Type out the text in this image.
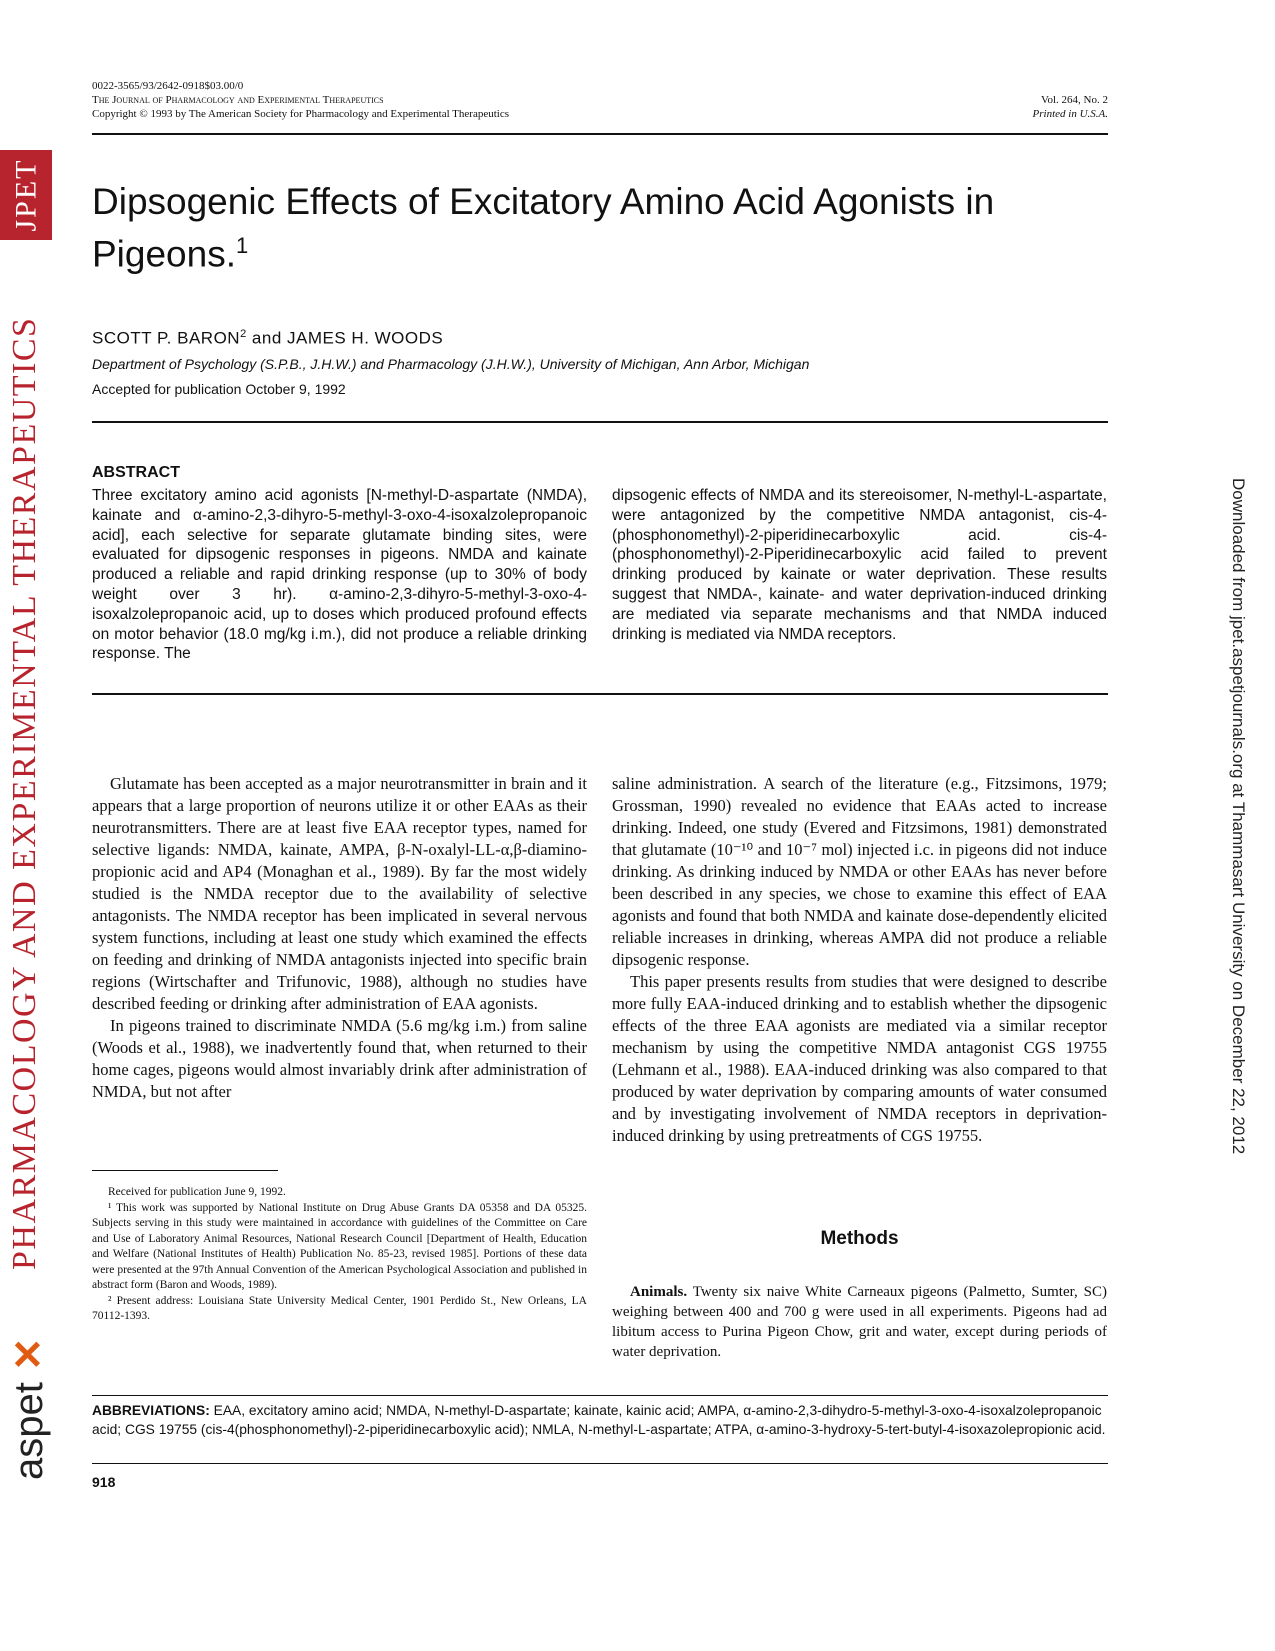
JPET
PHARMACOLOGY AND EXPERIMENTAL THERAPEUTICS
aspet ✕
Downloaded from jpet.aspetjournals.org at Thammasart University on December 22, 2012
0022-3565/93/2642-0918$03.00/0
The Journal of Pharmacology and Experimental Therapeutics
Copyright © 1993 by The American Society for Pharmacology and Experimental Therapeutics
Vol. 264, No. 2
Printed in U.S.A.
Dipsogenic Effects of Excitatory Amino Acid Agonists in Pigeons.$^1$
SCOTT P. BARON$^2$ and JAMES H. WOODS
Department of Psychology (S.P.B., J.H.W.) and Pharmacology (J.H.W.), University of Michigan, Ann Arbor, Michigan
Accepted for publication October 9, 1992
ABSTRACT
Three excitatory amino acid agonists [N-methyl-D-aspartate (NMDA), kainate and α-amino-2,3-dihyro-5-methyl-3-oxo-4-isoxalzolepropanoic acid], each selective for separate glutamate binding sites, were evaluated for dipsogenic responses in pigeons. NMDA and kainate produced a reliable and rapid drinking response (up to 30% of body weight over 3 hr). α-amino-2,3-dihyro-5-methyl-3-oxo-4-isoxalzolepropanoic acid, up to doses which produced profound effects on motor behavior (18.0 mg/kg i.m.), did not produce a reliable drinking response. The
dipsogenic effects of NMDA and its stereoisomer, N-methyl-L-aspartate, were antagonized by the competitive NMDA antagonist, cis-4-(phosphonomethyl)-2-piperidinecarboxylic acid. cis-4-(phosphonomethyl)-2-Piperidinecarboxylic acid failed to prevent drinking produced by kainate or water deprivation. These results suggest that NMDA-, kainate- and water deprivation-induced drinking are mediated via separate mechanisms and that NMDA induced drinking is mediated via NMDA receptors.

Glutamate has been accepted as a major neurotransmitter in brain and it appears that a large proportion of neurons utilize it or other EAAs as their neurotransmitters. There are at least five EAA receptor types, named for selective ligands: NMDA, kainate, AMPA, β-N-oxalyl-LL-α,β-diamino-propionic acid and AP4 (Monaghan et al., 1989). By far the most widely studied is the NMDA receptor due to the availability of selective antagonists. The NMDA receptor has been implicated in several nervous system functions, including at least one study which examined the effects on feeding and drinking of NMDA antagonists injected into specific brain regions (Wirtschafter and Trifunovic, 1988), although no studies have described feeding or drinking after administration of EAA agonists.

In pigeons trained to discriminate NMDA (5.6 mg/kg i.m.) from saline (Woods et al., 1988), we inadvertently found that, when returned to their home cages, pigeons would almost invariably drink after administration of NMDA, but not after

saline administration. A search of the literature (e.g., Fitzsimons, 1979; Grossman, 1990) revealed no evidence that EAAs acted to increase drinking. Indeed, one study (Evered and Fitzsimons, 1981) demonstrated that glutamate (10⁻¹⁰ and 10⁻⁷ mol) injected i.c. in pigeons did not induce drinking. As drinking induced by NMDA or other EAAs has never before been described in any species, we chose to examine this effect of EAA agonists and found that both NMDA and kainate dose-dependently elicited reliable increases in drinking, whereas AMPA did not produce a reliable dipsogenic response.

This paper presents results from studies that were designed to describe more fully EAA-induced drinking and to establish whether the dipsogenic effects of the three EAA agonists are mediated via a similar receptor mechanism by using the competitive NMDA antagonist CGS 19755 (Lehmann et al., 1988). EAA-induced drinking was also compared to that produced by water deprivation by comparing amounts of water consumed and by investigating involvement of NMDA receptors in deprivation-induced drinking by using pretreatments of CGS 19755.

Received for publication June 9, 1992.

¹ This work was supported by National Institute on Drug Abuse Grants DA 05358 and DA 05325. Subjects serving in this study were maintained in accordance with guidelines of the Committee on Care and Use of Laboratory Animal Resources, National Research Council [Department of Health, Education and Welfare (National Institutes of Health) Publication No. 85-23, revised 1985]. Portions of these data were presented at the 97th Annual Convention of the American Psychological Association and published in abstract form (Baron and Woods, 1989).

² Present address: Louisiana State University Medical Center, 1901 Perdido St., New Orleans, LA 70112-1393.

Methods

Animals. Twenty six naive White Carneaux pigeons (Palmetto, Sumter, SC) weighing between 400 and 700 g were used in all experiments. Pigeons had ad libitum access to Purina Pigeon Chow, grit and water, except during periods of water deprivation.

ABBREVIATIONS: EAA, excitatory amino acid; NMDA, N-methyl-D-aspartate; kainate, kainic acid; AMPA, α-amino-2,3-dihydro-5-methyl-3-oxo-4-isoxalzolepropanoic acid; CGS 19755 (cis-4(phosphonomethyl)-2-piperidinecarboxylic acid); NMLA, N-methyl-L-aspartate; ATPA, α-amino-3-hydroxy-5-tert-butyl-4-isoxazolepropionic acid.
918
